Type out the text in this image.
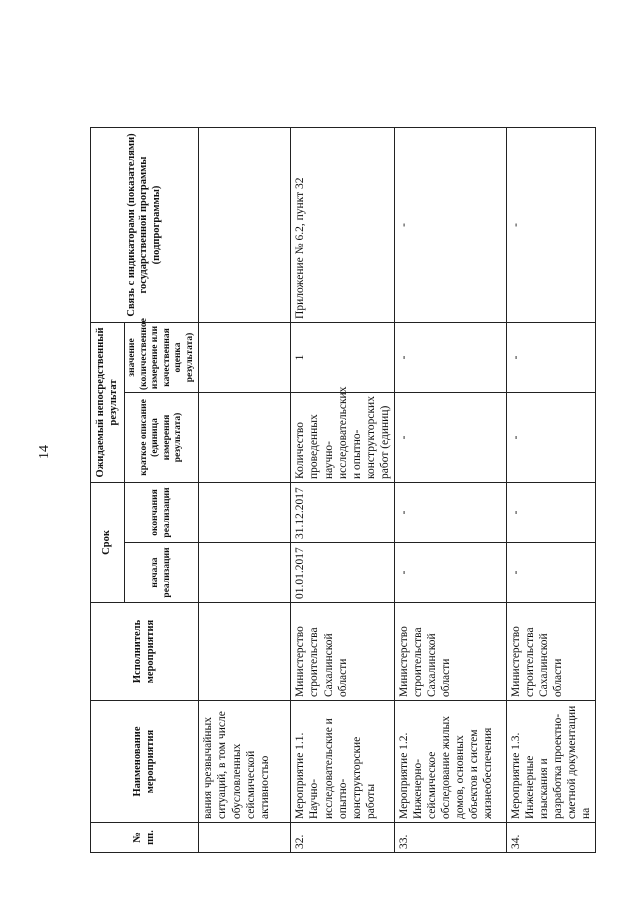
14
№ пп.	Наименование мероприятия	Исполнитель мероприятия	Срок		Ожидаемый непосредственный результат		Связь с индикаторами (показателями) государственной программы (подпрограммы)
			начала реализации	окончания реализации	краткое описание (единица измерения результата)	значение (количественное измерение или качественная оценка результата)	
	вания чрезвычайных ситуаций, в том числе обусловленных сейсмической активностью						
32.	Мероприятие 1.1. Научно-исследовательские и опытно-конструкторские работы	Министерство строительства Сахалинской области	01.01.2017	31.12.2017	Количество проведенных научно-исследовательских и опытно-конструкторских работ (единиц)	1	Приложение № 6.2, пункт 32
33.	Мероприятие 1.2. Инженерно-сейсмическое обследование жилых домов, основных объектов и систем жизнеобеспечения	Министерство строительства Сахалинской области	-	-	-	-	-
34.	Мероприятие 1.3. Инженерные изыскания и разработка проектно-сметной документации на	Министерство строительства Сахалинской области	-	-	-	-	-
